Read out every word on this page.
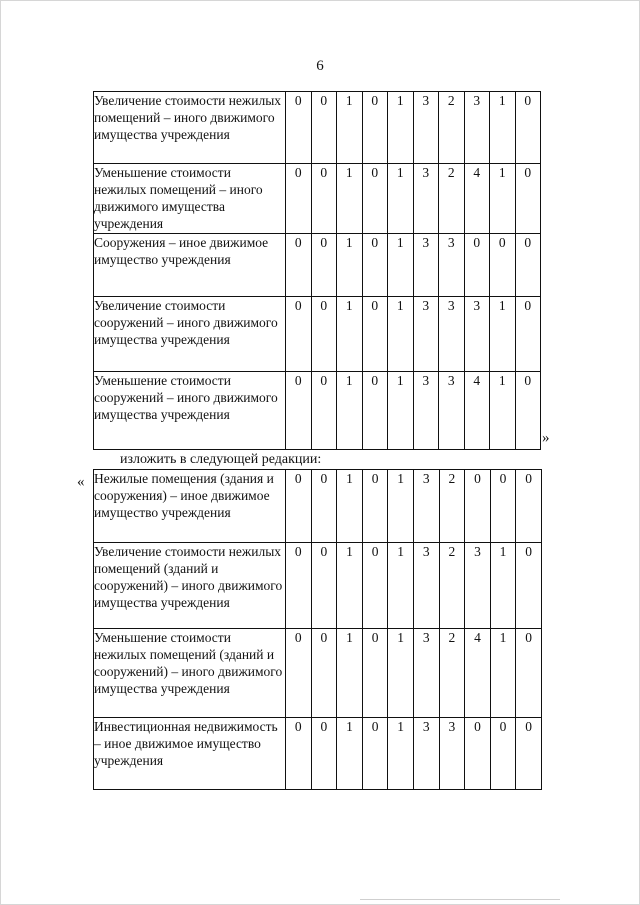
6
Увеличение стоимости нежилых помещений – иного движимого имущества учреждения	0	0	1	0	1	3	2	3	1	0
Уменьшение стоимости нежилых помещений – иного движимого имущества учреждения	0	0	1	0	1	3	2	4	1	0
Сооружения – иное движимое имущество учреждения	0	0	1	0	1	3	3	0	0	0
Увеличение стоимости сооружений – иного движимого имущества учреждения	0	0	1	0	1	3	3	3	1	0
Уменьшение стоимости сооружений – иного движимого имущества учреждения	0	0	1	0	1	3	3	4	1	0
»
изложить в следующей редакции:
« Нежилые помещения (здания и сооружения) – иное движимое имущество учреждения	0	0	1	0	1	3	2	0	0	0
Увеличение стоимости нежилых помещений (зданий и сооружений) – иного движимого имущества учреждения	0	0	1	0	1	3	2	3	1	0
Уменьшение стоимости нежилых помещений (зданий и сооружений) – иного движимого имущества учреждения	0	0	1	0	1	3	2	4	1	0
Инвестиционная недвижимость – иное движимое имущество учреждения	0	0	1	0	1	3	3	0	0	0
